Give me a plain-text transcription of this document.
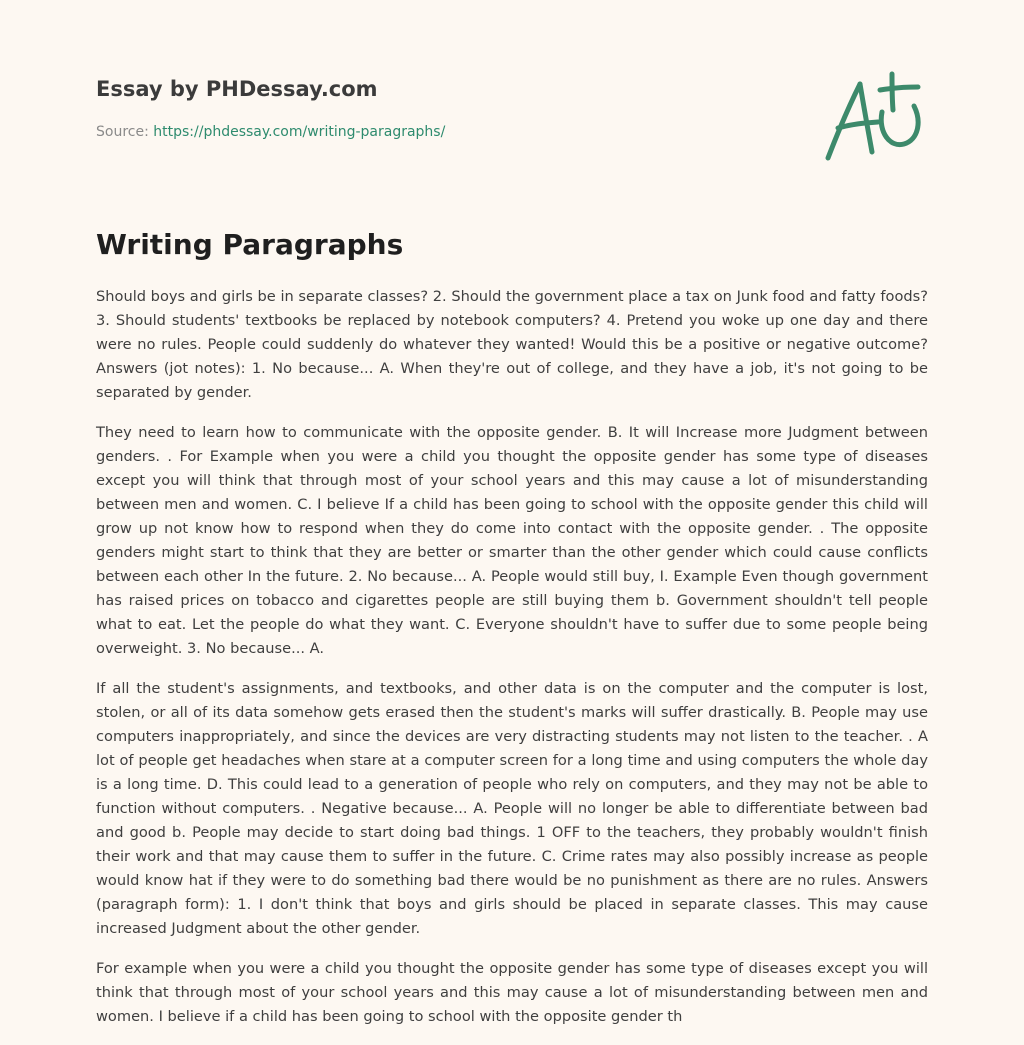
Essay by PHDessay.com
Source: https://phdessay.com/writing-paragraphs/
Writing Paragraphs

Should boys and girls be in separate classes? 2. Should the government place a tax on Junk food and fatty foods? 3. Should students' textbooks be replaced by notebook computers? 4. Pretend you woke up one day and there were no rules. People could suddenly do whatever they wanted! Would this be a positive or negative outcome? Answers (jot notes): 1. No because... A. When they're out of college, and they have a job, it's not going to be separated by gender.

They need to learn how to communicate with the opposite gender. B. It will Increase more Judgment between genders. . For Example when you were a child you thought the opposite gender has some type of diseases except you will think that through most of your school years and this may cause a lot of misunderstanding between men and women. C. I believe If a child has been going to school with the opposite gender this child will grow up not know how to respond when they do come into contact with the opposite gender. . The opposite genders might start to think that they are better or smarter than the other gender which could cause conflicts between each other In the future. 2. No because... A. People would still buy, I. Example Even though government has raised prices on tobacco and cigarettes people are still buying them b. Government shouldn't tell people what to eat. Let the people do what they want. C. Everyone shouldn't have to suffer due to some people being overweight. 3. No because... A.

If all the student's assignments, and textbooks, and other data is on the computer and the computer is lost, stolen, or all of its data somehow gets erased then the student's marks will suffer drastically. B. People may use computers inappropriately, and since the devices are very distracting students may not listen to the teacher. . A lot of people get headaches when stare at a computer screen for a long time and using computers the whole day is a long time. D. This could lead to a generation of people who rely on computers, and they may not be able to function without computers. . Negative because... A. People will no longer be able to differentiate between bad and good b. People may decide to start doing bad things. 1 OFF to the teachers, they probably wouldn't finish their work and that may cause them to suffer in the future. C. Crime rates may also possibly increase as people would know hat if they were to do something bad there would be no punishment as there are no rules. Answers (paragraph form): 1. I don't think that boys and girls should be placed in separate classes. This may cause increased Judgment about the other gender.

For example when you were a child you thought the opposite gender has some type of diseases except you will think that through most of your school years and this may cause a lot of misunderstanding between men and women. I believe if a child has been going to school with the opposite gender th
